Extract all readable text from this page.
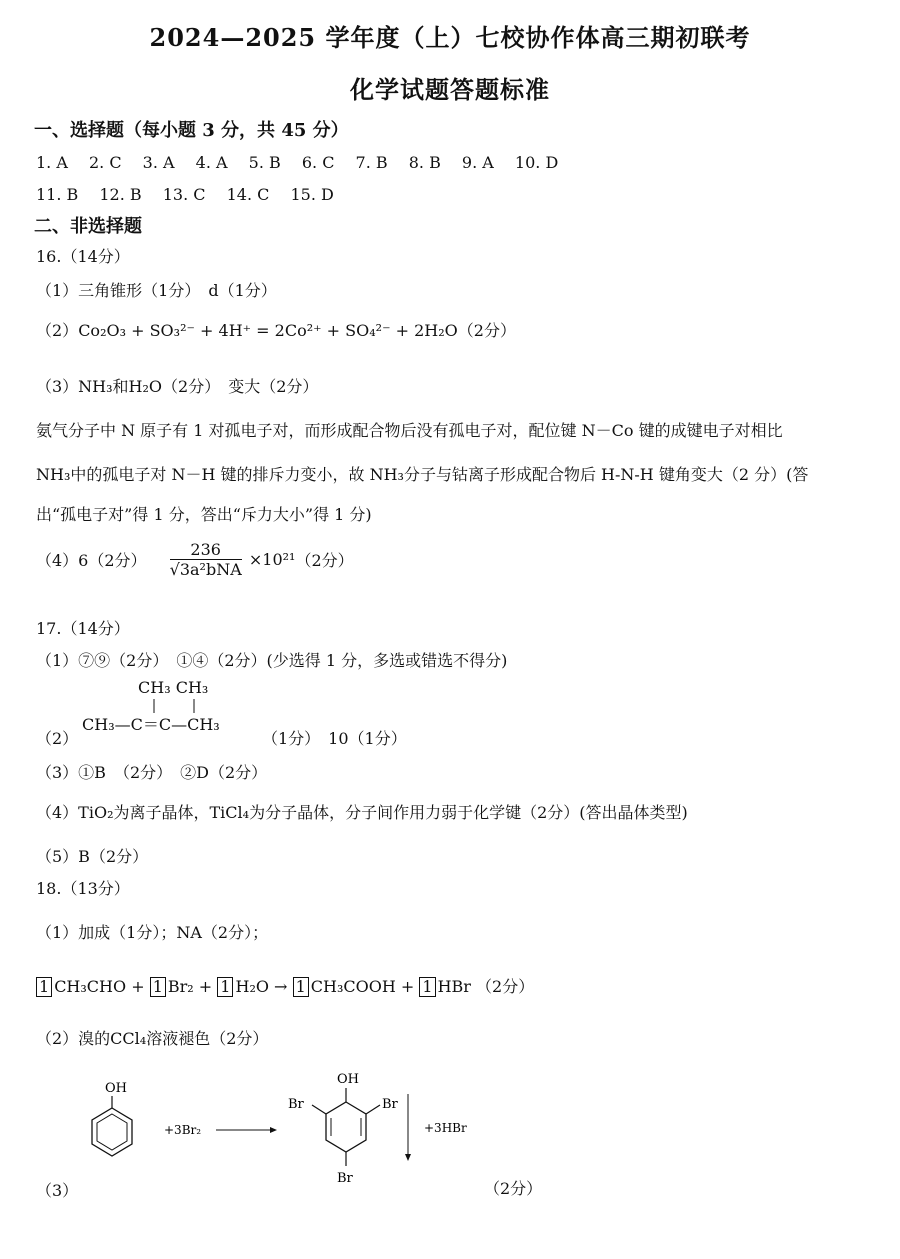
2024—2025 学年度（上）七校协作体高三期初联考
化学试题答题标准
一、选择题（每小题 3 分，共 45 分）
1. A　 2. C　 3. A　 4. A　 5. B　 6. C　 7. B　 8. B　 9. A　 10. D
11. B　 12. B　 13. C　 14. C　 15. D
二、非选择题
16.（14分）
（1）三角锥形（1分）　d（1分）
（2）Co₂O₃ + SO₃²⁻ + 4H⁺ = 2Co²⁺ + SO₄²⁻ + 2H₂O（2分）
（3）NH₃和H₂O（2分）　变大（2分）
氨气分子中 N 原子有 1 对孤电子对，而形成配合物后没有孤电子对，配位键 N－Co 键的成键电子对相比
NH₃中的孤电子对 N－H 键的排斥力变小，故 NH₃分子与钴离子形成配合物后 H-N-H 键角变大（2 分）(答
出“孤电子对”得 1 分，答出“斥力大小”得 1 分)
（4）6（2分） $\frac{236}{\text{√3a²bNA}} \times 10^{21}(2$分）
17.（14分）
（1）⑦⑨（2分）　①④（2分）(少选得 1 分，多选或错选不得分)
CH₃ CH₃
（2）
CH₃—C＝C—CH₃
（1分）　10（1分）
（3）①B　（2分）　②D（2分）
（4）TiO₂为离子晶体，TiCl₄为分子晶体，分子间作用力弱于化学键（2分）(答出晶体类型)
（5）B（2分）
18.（13分）
（1）加成（1分）；NA（2分）；
1 CH₃CHO + 1 Br₂ + 1 H₂O → 1 CH₃COOH + 1 HBr （2分）
（2）溴的CCl₄溶液褪色（2分）
OH
+3Br₂
OH
Br	Br
Br
+3HBr
（3）	（2分）
